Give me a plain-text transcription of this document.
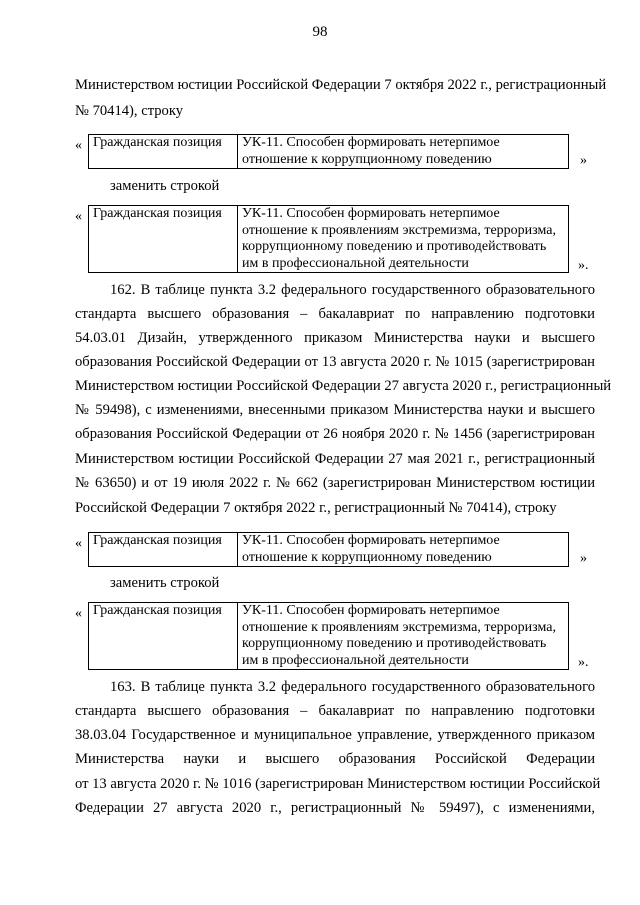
98
Министерством юстиции Российской Федерации 7 октября 2022 г., регистрационный
№ 70414), строку
« Гражданская позиция	УК-11. Способен формировать нетерпимое
отношение к коррупционному поведению	»
заменить строкой
« Гражданская позиция	УК-11. Способен формировать нетерпимое
отношение к проявлениям экстремизма, терроризма,
коррупционному поведению и противодействовать
им в профессиональной деятельности	».
162. В таблице пункта 3.2 федерального государственного образовательного
стандарта высшего образования – бакалавриат по направлению подготовки
54.03.01 Дизайн, утвержденного приказом Министерства науки и высшего
образования Российской Федерации от 13 августа 2020 г. № 1015 (зарегистрирован
Министерством юстиции Российской Федерации 27 августа 2020 г., регистрационный
№ 59498), с изменениями, внесенными приказом Министерства науки и высшего
образования Российской Федерации от 26 ноября 2020 г. № 1456 (зарегистрирован
Министерством юстиции Российской Федерации 27 мая 2021 г., регистрационный
№ 63650) и от 19 июля 2022 г. № 662 (зарегистрирован Министерством юстиции
Российской Федерации 7 октября 2022 г., регистрационный № 70414), строку
« Гражданская позиция	УК-11. Способен формировать нетерпимое
отношение к коррупционному поведению	»
заменить строкой
« Гражданская позиция	УК-11. Способен формировать нетерпимое
отношение к проявлениям экстремизма, терроризма,
коррупционному поведению и противодействовать
им в профессиональной деятельности	».
163. В таблице пункта 3.2 федерального государственного образовательного
стандарта высшего образования – бакалавриат по направлению подготовки
38.03.04 Государственное и муниципальное управление, утвержденного приказом
Министерства науки и высшего образования Российской Федерации
от 13 августа 2020 г. № 1016 (зарегистрирован Министерством юстиции Российской
Федерации 27 августа 2020 г., регистрационный № 59497), с изменениями,
